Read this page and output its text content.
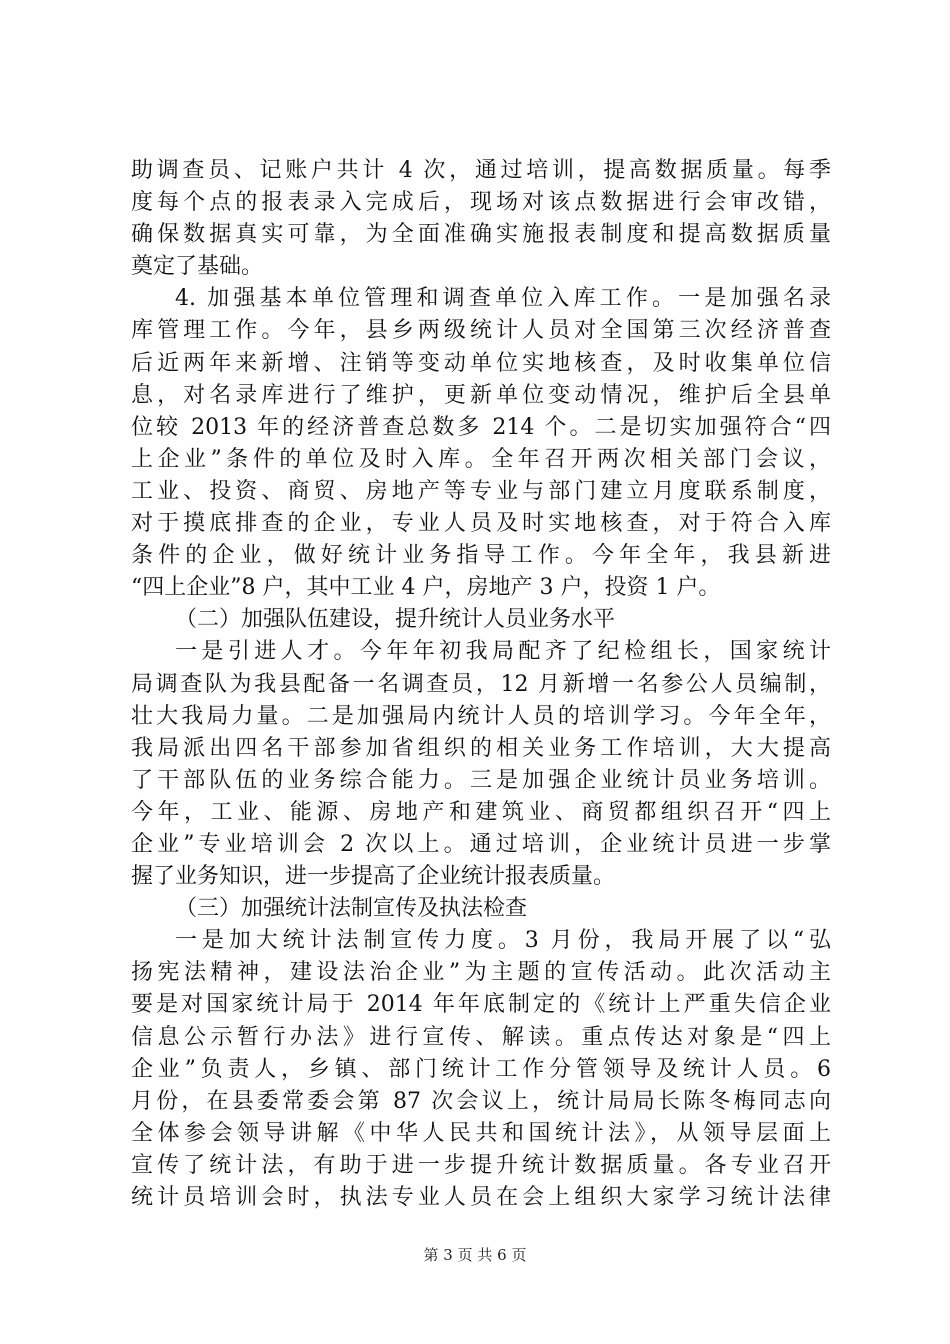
助调查员、记账户共计 4 次，通过培训，提高数据质量。每季
度每个点的报表录入完成后，现场对该点数据进行会审改错，
确保数据真实可靠，为全面准确实施报表制度和提高数据质量
奠定了基础。
4. 加强基本单位管理和调查单位入库工作。一是加强名录
库管理工作。今年，县乡两级统计人员对全国第三次经济普查
后近两年来新增、注销等变动单位实地核查，及时收集单位信
息，对名录库进行了维护，更新单位变动情况，维护后全县单
位较 2013 年的经济普查总数多 214 个。二是切实加强符合“四
上企业”条件的单位及时入库。全年召开两次相关部门会议，
工业、投资、商贸、房地产等专业与部门建立月度联系制度，
对于摸底排查的企业，专业人员及时实地核查，对于符合入库
条件的企业，做好统计业务指导工作。今年全年，我县新进
“四上企业”8 户，其中工业 4 户，房地产 3 户，投资 1 户。
（二）加强队伍建设，提升统计人员业务水平
一是引进人才。今年年初我局配齐了纪检组长，国家统计
局调查队为我县配备一名调查员，12 月新增一名参公人员编制，
壮大我局力量。二是加强局内统计人员的培训学习。今年全年，
我局派出四名干部参加省组织的相关业务工作培训，大大提高
了干部队伍的业务综合能力。三是加强企业统计员业务培训。
今年，工业、能源、房地产和建筑业、商贸都组织召开“四上
企业”专业培训会 2 次以上。通过培训，企业统计员进一步掌
握了业务知识，进一步提高了企业统计报表质量。
（三）加强统计法制宣传及执法检查
一是加大统计法制宣传力度。3 月份，我局开展了以“弘
扬宪法精神，建设法治企业”为主题的宣传活动。此次活动主
要是对国家统计局于 2014 年年底制定的《统计上严重失信企业
信息公示暂行办法》进行宣传、解读。重点传达对象是“四上
企业”负责人，乡镇、部门统计工作分管领导及统计人员。6
月份，在县委常委会第 87 次会议上，统计局局长陈冬梅同志向
全体参会领导讲解《中华人民共和国统计法》，从领导层面上
宣传了统计法，有助于进一步提升统计数据质量。各专业召开
统计员培训会时，执法专业人员在会上组织大家学习统计法律
第 3 页 共 6 页
